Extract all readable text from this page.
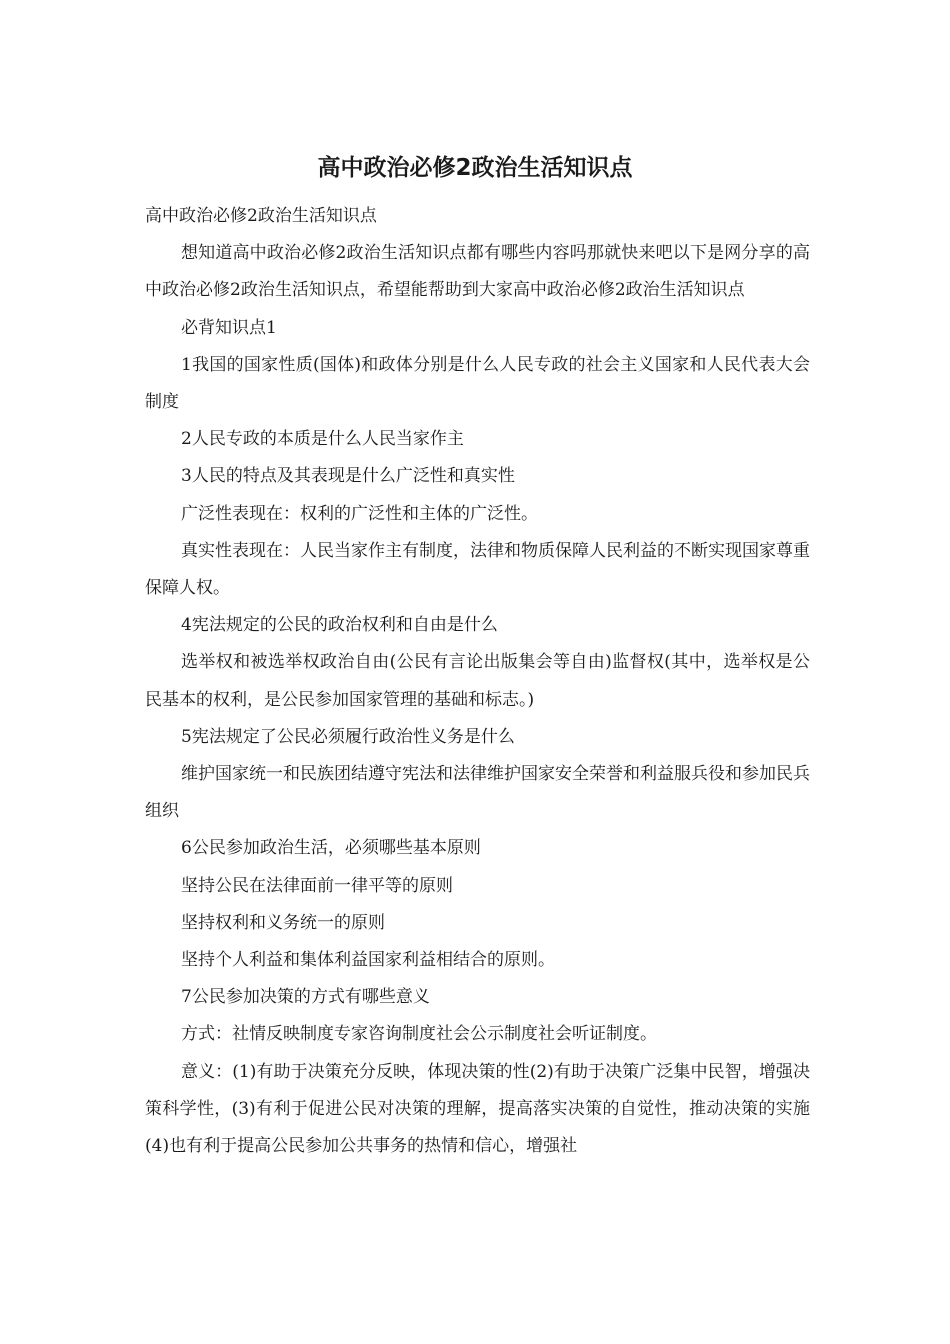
高中政治必修2政治生活知识点

高中政治必修2政治生活知识点

想知道高中政治必修2政治生活知识点都有哪些内容吗那就快来吧以下是网分享的高中政治必修2政治生活知识点，希望能帮助到大家高中政治必修2政治生活知识点

必背知识点1

1我国的国家性质(国体)和政体分别是什么人民专政的社会主义国家和人民代表大会制度

2人民专政的本质是什么人民当家作主

3人民的特点及其表现是什么广泛性和真实性

广泛性表现在：权利的广泛性和主体的广泛性。

真实性表现在：人民当家作主有制度，法律和物质保障人民利益的不断实现国家尊重保障人权。

4宪法规定的公民的政治权利和自由是什么

选举权和被选举权政治自由(公民有言论出版集会等自由)监督权(其中，选举权是公民基本的权利，是公民参加国家管理的基础和标志。)

5宪法规定了公民必须履行政治性义务是什么

维护国家统一和民族团结遵守宪法和法律维护国家安全荣誉和利益服兵役和参加民兵组织

6公民参加政治生活，必须哪些基本原则

坚持公民在法律面前一律平等的原则

坚持权利和义务统一的原则

坚持个人利益和集体利益国家利益相结合的原则。

7公民参加决策的方式有哪些意义

方式：社情反映制度专家咨询制度社会公示制度社会听证制度。

意义：(1)有助于决策充分反映，体现决策的性(2)有助于决策广泛集中民智，增强决策科学性，(3)有利于促进公民对决策的理解，提高落实决策的自觉性，推动决策的实施(4)也有利于提高公民参加公共事务的热情和信心，增强社
